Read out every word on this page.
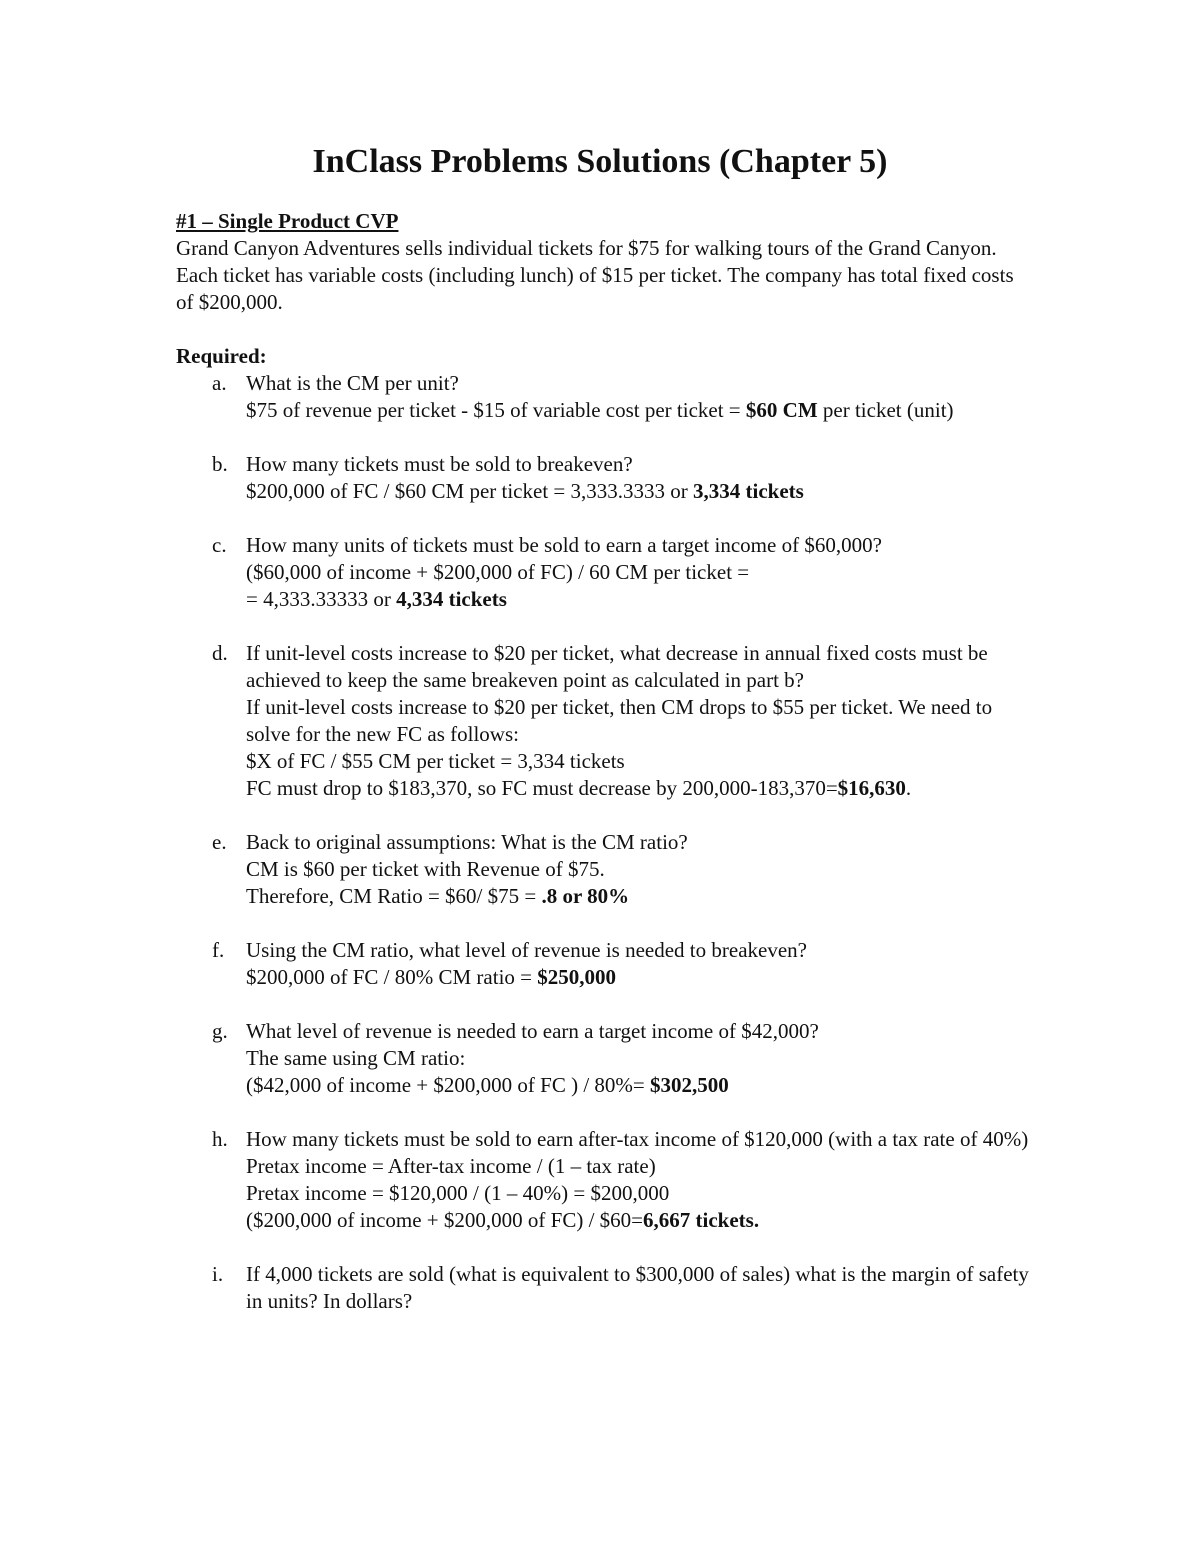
InClass Problems Solutions (Chapter 5)
#1 – Single Product CVP

Grand Canyon Adventures sells individual tickets for $75 for walking tours of the Grand Canyon. Each ticket has variable costs (including lunch) of $15 per ticket. The company has total fixed costs of $200,000.

Required:
a. What is the CM per unit?
$75 of revenue per ticket - $15 of variable cost per ticket = $60 CM per ticket (unit)
b. How many tickets must be sold to breakeven?
$200,000 of FC / $60 CM per ticket = 3,333.3333 or 3,334 tickets
c. How many units of tickets must be sold to earn a target income of $60,000?
($60,000 of income + $200,000 of FC) / 60 CM per ticket =
= 4,333.33333 or 4,334 tickets
d. If unit-level costs increase to $20 per ticket, what decrease in annual fixed costs must be achieved to keep the same breakeven point as calculated in part b?
If unit-level costs increase to $20 per ticket, then CM drops to $55 per ticket. We need to solve for the new FC as follows:
$X of FC / $55 CM per ticket = 3,334 tickets
FC must drop to $183,370, so FC must decrease by 200,000-183,370=$16,630.
e. Back to original assumptions: What is the CM ratio?
CM is $60 per ticket with Revenue of $75.
Therefore, CM Ratio = $60/ $75 = .8 or 80%
f. Using the CM ratio, what level of revenue is needed to breakeven?
$200,000 of FC / 80% CM ratio = $250,000
g. What level of revenue is needed to earn a target income of $42,000?
The same using CM ratio:
($42,000 of income + $200,000 of FC ) / 80%= $302,500
h. How many tickets must be sold to earn after-tax income of $120,000 (with a tax rate of 40%)
Pretax income = After-tax income / (1 – tax rate)
Pretax income = $120,000 / (1 – 40%) = $200,000
($200,000 of income + $200,000 of FC) / $60=6,667 tickets.
i. If 4,000 tickets are sold (what is equivalent to $300,000 of sales) what is the margin of safety in units? In dollars?
